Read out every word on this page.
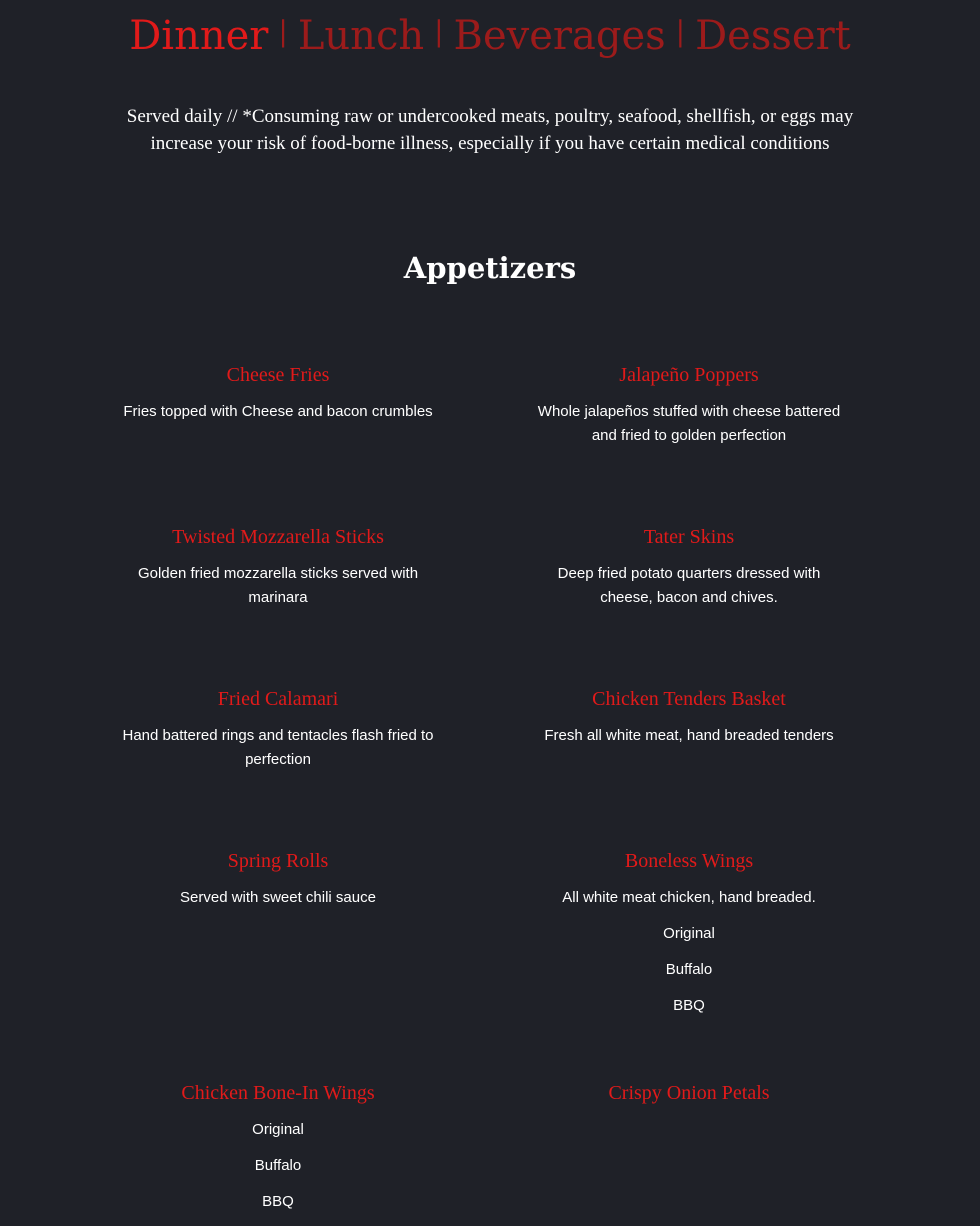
Dinner | Lunch | Beverages | Dessert

Served daily // *Consuming raw or undercooked meats, poultry, seafood, shellfish, or eggs may increase your risk of food-borne illness, especially if you have certain medical conditions

Appetizers
Cheese Fries

Fries topped with Cheese and bacon crumbles

Jalapeño Poppers

Whole jalapeños stuffed with cheese battered and fried to golden perfection

Twisted Mozzarella Sticks

Golden fried mozzarella sticks served with marinara

Tater Skins

Deep fried potato quarters dressed with cheese, bacon and chives.

Fried Calamari

Hand battered rings and tentacles flash fried to perfection

Chicken Tenders Basket

Fresh all white meat, hand breaded tenders

Spring Rolls

Served with sweet chili sauce

Boneless Wings

All white meat chicken, hand breaded.

Original
Buffalo
BBQ
Chicken Bone-In Wings
Original
Buffalo
BBQ
Crispy Onion Petals
